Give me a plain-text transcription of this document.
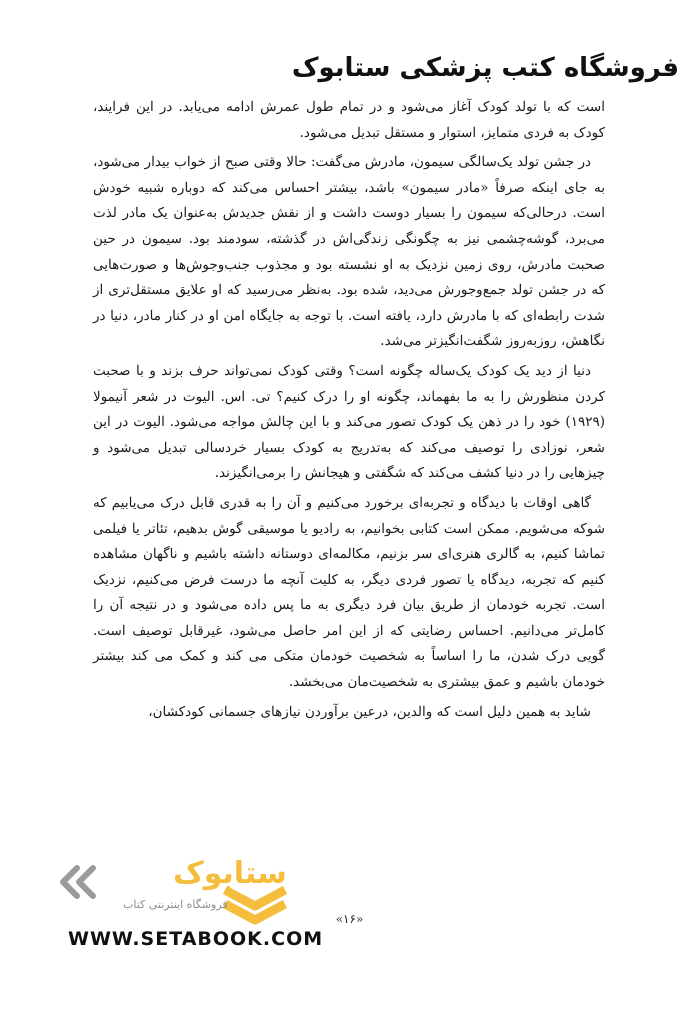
فروشگاه کتب پزشکی ستابوک

است که با تولد کودک آغاز می‌شود و در تمام طول عمرش ادامه می‌یابد. در این فرایند، کودک به فردی متمایز، استوار و مستقل تبدیل می‌شود.

در جشن تولد یک‌سالگی سیمون، مادرش می‌گفت: حالا وقتی صبح از خواب بیدار می‌شود، به جای اینکه صرفاً «مادر سیمون» باشد، بیشتر احساس می‌کند که دوباره شبیه خودش است. درحالی‌که سیمون را بسیار دوست داشت و از نقش جدیدش به‌عنوان یک مادر لذت می‌برد، گوشه‌چشمی نیز به چگونگی زندگی‌اش در گذشته، سودمند بود. سیمون در حین صحبت مادرش، روی زمین نزدیک به او نشسته بود و مجذوب جنب‌وجوش‌ها و صورت‌هایی که در جشن تولد جمع‌وجورش می‌دید، شده بود. به‌نظر می‌رسید که او علایق مستقل‌تری از شدت رابطه‌ای که با مادرش دارد، یافته است. با توجه به جایگاه امن او در کنار مادر، دنیا در نگاهش، روزبه‌روز شگفت‌انگیزتر می‌شد.

دنیا از دید یک کودک یک‌ساله چگونه است؟ وقتی کودک نمی‌تواند حرف بزند و با صحبت کردن منظورش را به ما بفهماند، چگونه او را درک کنیم؟ تی. اس. الیوت در شعر آنیمولا (۱۹۲۹) خود را در ذهن یک کودک تصور می‌کند و با این چالش مواجه می‌شود. الیوت در این شعر، نوزادی را توصیف می‌کند که به‌تدریج به کودک بسیار خردسالی تبدیل می‌شود و چیزهایی را در دنیا کشف می‌کند که شگفتی و هیجانش را برمی‌انگیزند.

گاهی اوقات با دیدگاه و تجربه‌ای برخورد می‌کنیم و آن را به قدری قابل درک می‌یابیم که شوکه می‌شویم. ممکن است کتابی بخوانیم، به رادیو یا موسیقی گوش بدهیم، تئاتر یا فیلمی تماشا کنیم، به گالری هنری‌ای سر بزنیم، مکالمه‌ای دوستانه داشته باشیم و ناگهان مشاهده کنیم که تجربه، دیدگاه یا تصور فردی دیگر، به کلیت آنچه ما درست فرض می‌کنیم، نزدیک است. تجربه خودمان از طریق بیان فرد دیگری به ما پس داده می‌شود و در نتیجه آن را کامل‌تر می‌دانیم. احساس رضایتی که از این امر حاصل می‌شود، غیرقابل توصیف است. گویی درک شدن، ما را اساساً به شخصیت خودمان متکی می کند و کمک می کند بیشتر خودمان باشیم و عمق بیشتری به شخصیت‌مان می‌بخشد.

شاید به همین دلیل است که والدین، درعین برآوردن نیازهای جسمانی کودکشان،

ستابوک
فروشگاه اینترنتی کتاب
«۱۶»
WWW.SETABOOK.COM
